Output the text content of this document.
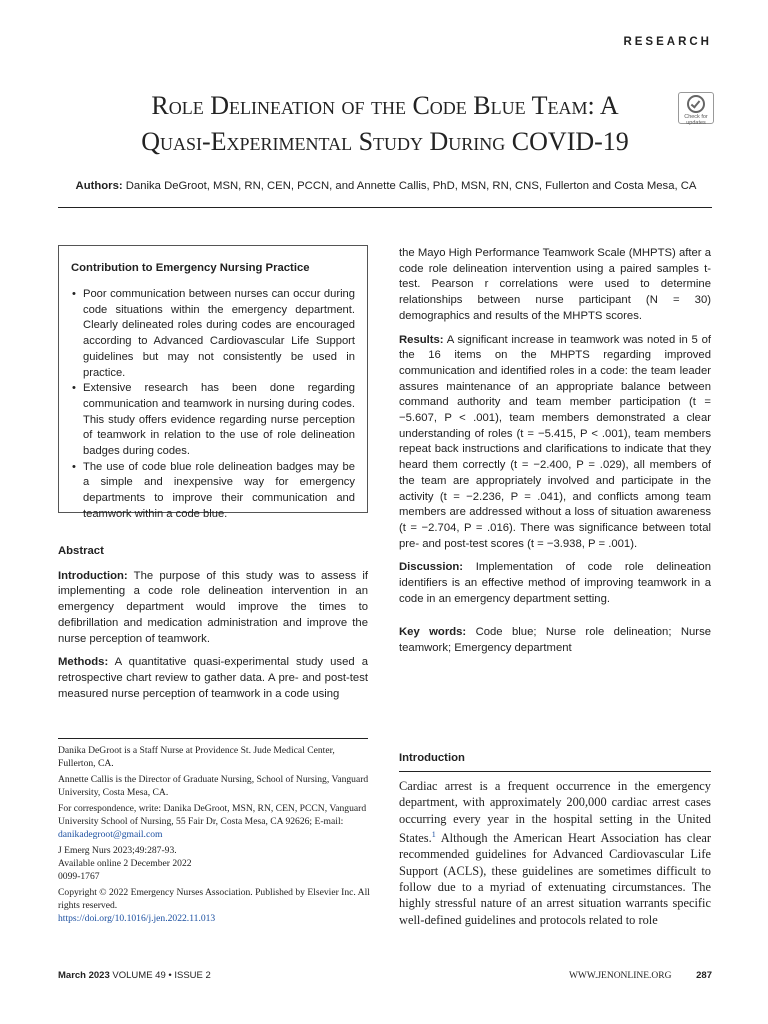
RESEARCH
Role Delineation of the Code Blue Team: A
Quasi-Experimental Study During COVID-19
Check for
updates
Authors: Danika DeGroot, MSN, RN, CEN, PCCN, and Annette Callis, PhD, MSN, RN, CNS, Fullerton and Costa Mesa, CA
Contribution to Emergency Nursing Practice
• Poor communication between nurses can occur during code situations within the emergency department. Clearly delineated roles during codes are encouraged according to Advanced Cardiovascular Life Support guidelines but may not consistently be used in practice.
• Extensive research has been done regarding communication and teamwork in nursing during codes. This study offers evidence regarding nurse perception of teamwork in relation to the use of role delineation badges during codes.
• The use of code blue role delineation badges may be a simple and inexpensive way for emergency departments to improve their communication and teamwork within a code blue.
Abstract

Introduction: The purpose of this study was to assess if implementing a code role delineation intervention in an emergency department would improve the times to defibrillation and medication administration and improve the nurse perception of teamwork.

Methods: A quantitative quasi-experimental study used a retrospective chart review to gather data. A pre- and post-test measured nurse perception of teamwork in a code using

the Mayo High Performance Teamwork Scale (MHPTS) after a code role delineation intervention using a paired samples t-test. Pearson r correlations were used to determine relationships between nurse participant (N = 30) demographics and results of the MHPTS scores.

Results: A significant increase in teamwork was noted in 5 of the 16 items on the MHPTS regarding improved communication and identified roles in a code: the team leader assures maintenance of an appropriate balance between command authority and team member participation (t = −5.607, P < .001), team members demonstrated a clear understanding of roles (t = −5.415, P < .001), team members repeat back instructions and clarifications to indicate that they heard them correctly (t = −2.400, P = .029), all members of the team are appropriately involved and participate in the activity (t = −2.236, P = .041), and conflicts among team members are addressed without a loss of situation awareness (t = −2.704, P = .016). There was significance between total pre- and post-test scores (t = −3.938, P = .001).

Discussion: Implementation of code role delineation identifiers is an effective method of improving teamwork in a code in an emergency department setting.

Key words: Code blue; Nurse role delineation; Nurse teamwork; Emergency department

Danika DeGroot is a Staff Nurse at Providence St. Jude Medical Center, Fullerton, CA.

Annette Callis is the Director of Graduate Nursing, School of Nursing, Vanguard University, Costa Mesa, CA.

For correspondence, write: Danika DeGroot, MSN, RN, CEN, PCCN, Vanguard University School of Nursing, 55 Fair Dr, Costa Mesa, CA 92626; E-mail: danikadegroot@gmail.com

J Emerg Nurs 2023;49:287-93.
Available online 2 December 2022

0099-1767

Copyright © 2022 Emergency Nurses Association. Published by Elsevier Inc. All rights reserved.
https://doi.org/10.1016/j.jen.2022.11.013
Introduction
Cardiac arrest is a frequent occurrence in the emergency department, with approximately 200,000 cardiac arrest cases occurring every year in the hospital setting in the United States.$^1$ Although the American Heart Association has clear recommended guidelines for Advanced Cardiovascular Life Support (ACLS), these guidelines are sometimes difficult to follow due to a myriad of extenuating circumstances. The highly stressful nature of an arrest situation warrants specific well-defined guidelines and protocols related to role
March 2023 VOLUME 49 • ISSUE 2	WWW.JENONLINE.ORG	287
